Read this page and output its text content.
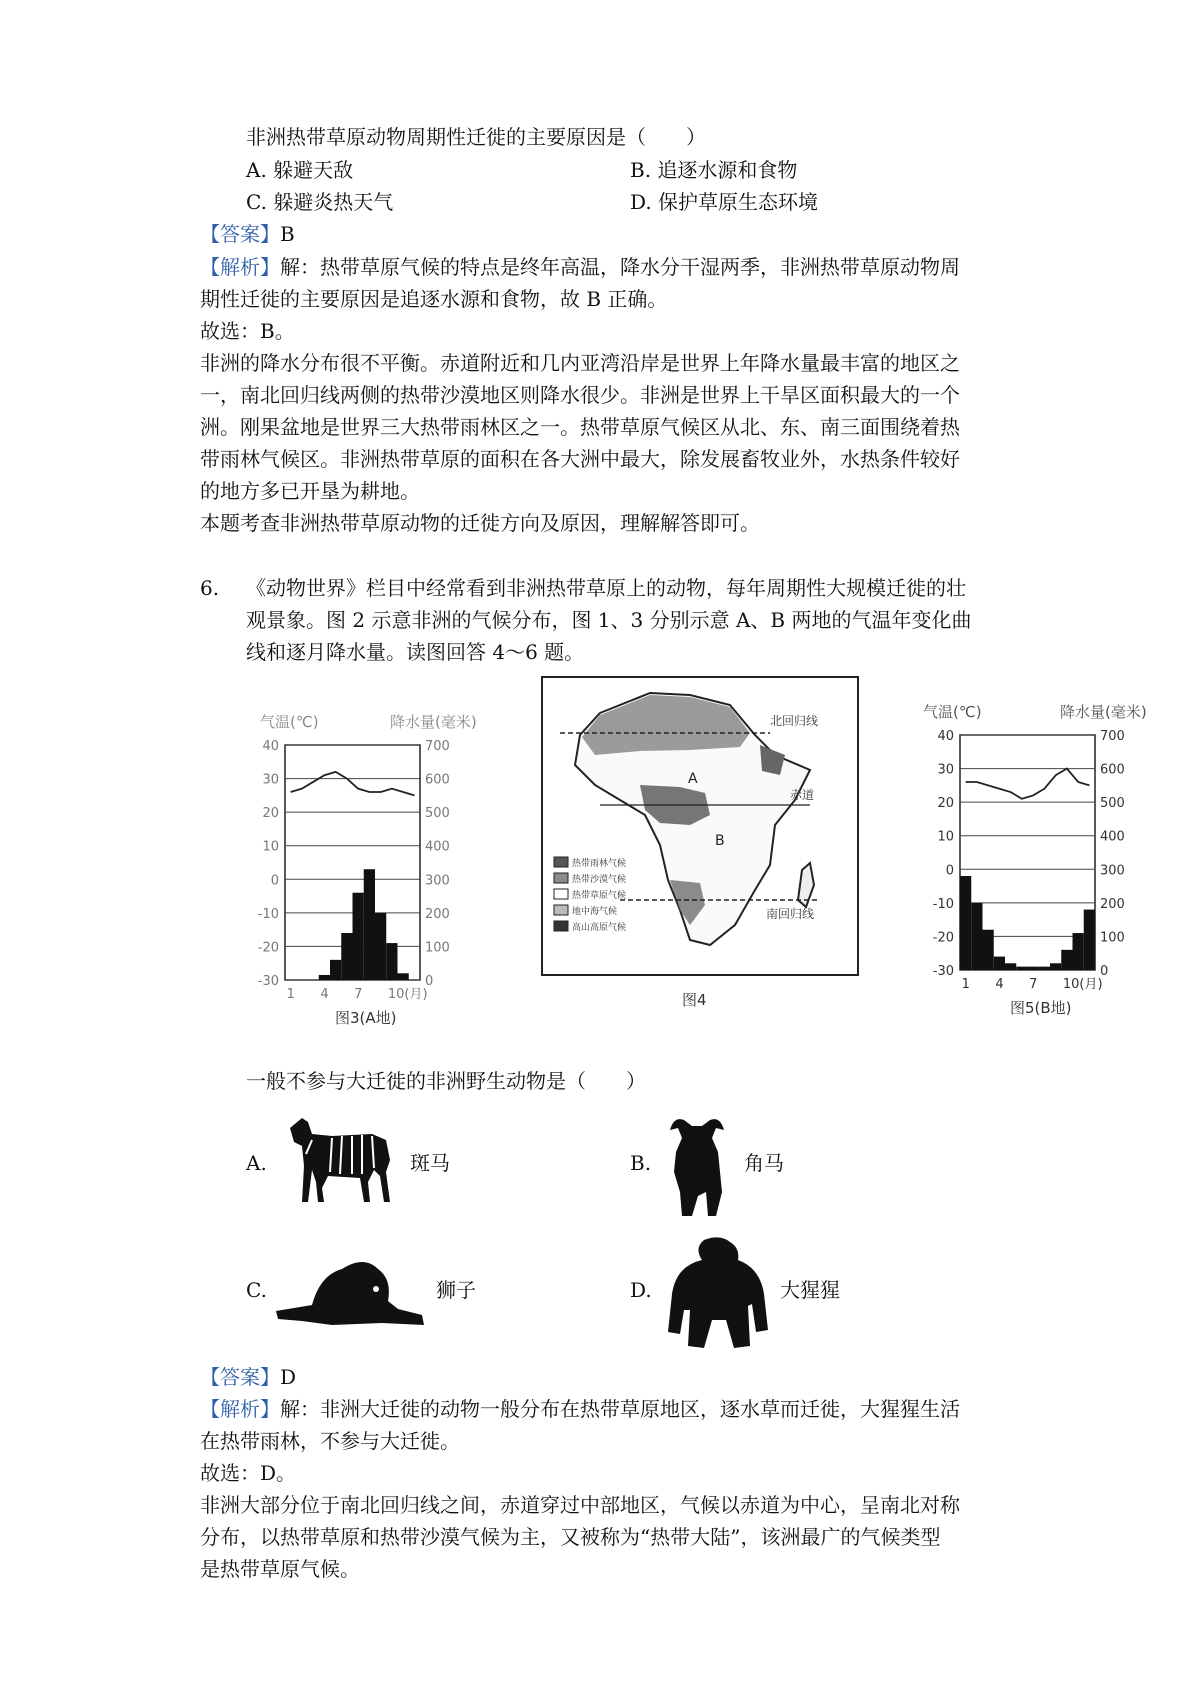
非洲热带草原动物周期性迁徙的主要原因是（　　）
A. 躲避天敌	B. 追逐水源和食物
C. 躲避炎热天气	D. 保护草原生态环境
【答案】B
【解析】解：热带草原气候的特点是终年高温，降水分干湿两季，非洲热带草原动物周
期性迁徙的主要原因是追逐水源和食物，故 B 正确。
故选：B。
非洲的降水分布很不平衡。赤道附近和几内亚湾沿岸是世界上年降水量最丰富的地区之
一，南北回归线两侧的热带沙漠地区则降水很少。非洲是世界上干旱区面积最大的一个
洲。刚果盆地是世界三大热带雨林区之一。热带草原气候区从北、东、南三面围绕着热
带雨林气候区。非洲热带草原的面积在各大洲中最大，除发展畜牧业外，水热条件较好
的地方多已开垦为耕地。
本题考查非洲热带草原动物的迁徙方向及原因，理解解答即可。
6. 《动物世界》栏目中经常看到非洲热带草原上的动物，每年周期性大规模迁徙的壮
观景象。图 2 示意非洲的气候分布，图 1、3 分别示意 A、B 两地的气温年变化曲
线和逐月降水量。读图回答 4～6 题。
气温(℃)	降水量(毫米)
40
30
20
10
0
-10
-20
-30
700
600
500
400
300
200
100
0
1 4 7 10(月)
图3(A地)
北回归线
赤道
南回归线
A
B
热带雨林气候
热带沙漠气候
热带草原气候
地中海气候
高山高原气候
图4
气温(℃)	降水量(毫米)
40
30
20
10
0
-10
-20
-30
700
600
500
400
300
200
100
0
1 4 7 10(月)
图5(B地)
一般不参与大迁徙的非洲野生动物是（　　）
A.	斑马	B.	角马
C.	狮子	D.	大猩猩
【答案】D
【解析】解：非洲大迁徙的动物一般分布在热带草原地区，逐水草而迁徙，大猩猩生活
在热带雨林，不参与大迁徙。
故选：D。
非洲大部分位于南北回归线之间，赤道穿过中部地区，气候以赤道为中心，呈南北对称
分布，以热带草原和热带沙漠气候为主，又被称为“热带大陆”，该洲最广的气候类型
是热带草原气候。
